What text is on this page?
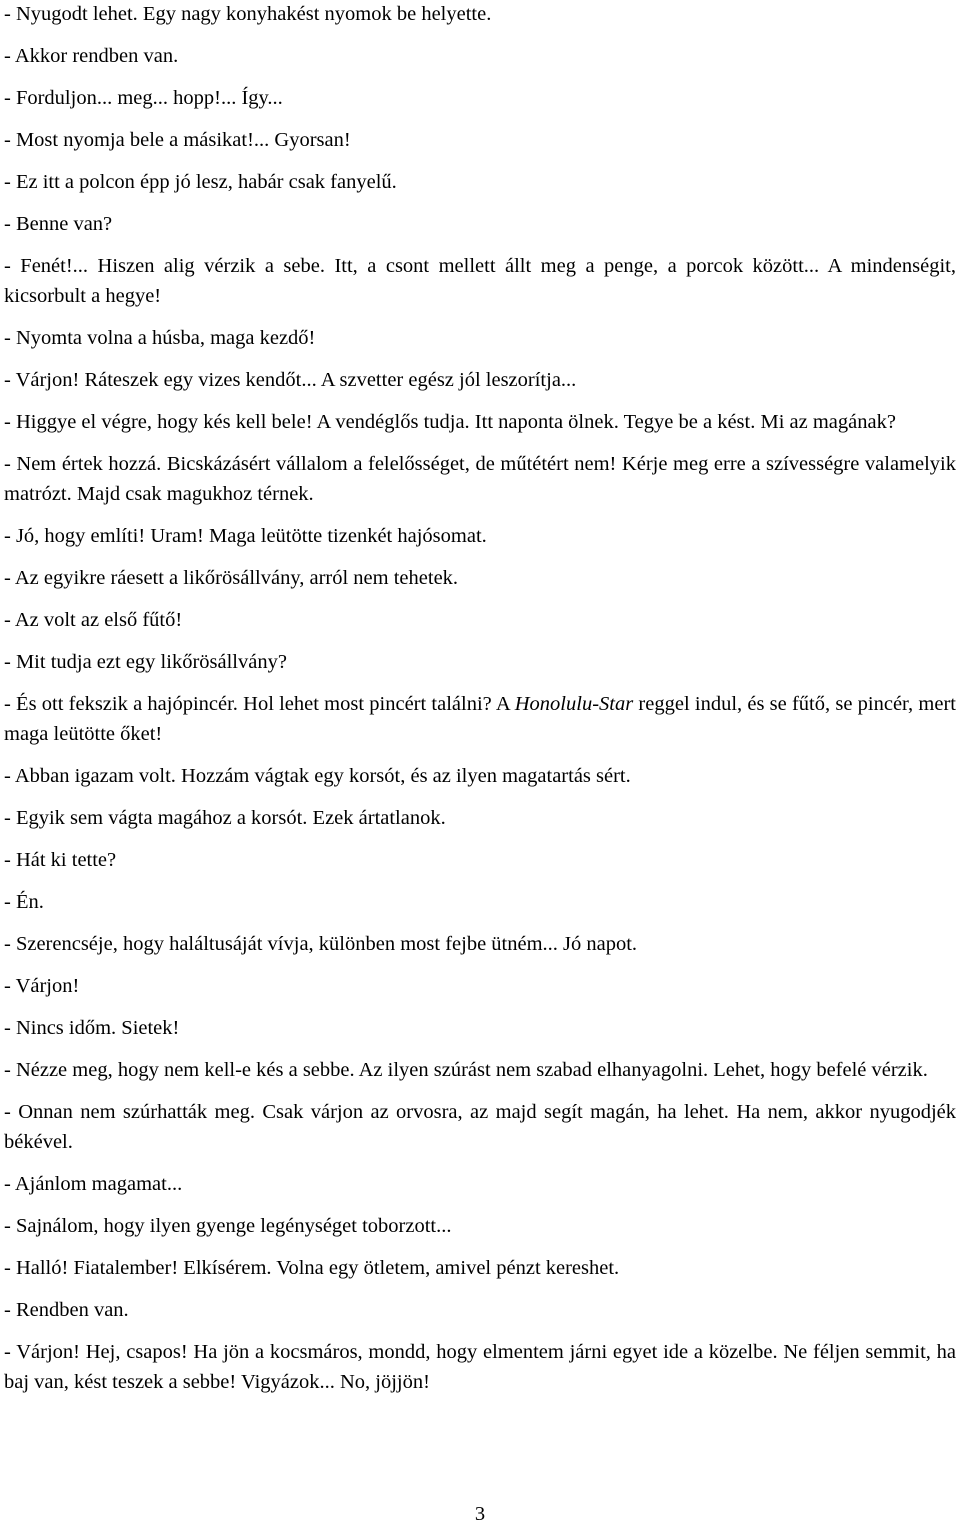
- Nyugodt lehet. Egy nagy konyhakést nyomok be helyette.

- Akkor rendben van.

- Forduljon... meg... hopp!... Így...

- Most nyomja bele a másikat!... Gyorsan!

- Ez itt a polcon épp jó lesz, habár csak fanyelű.

- Benne van?

- Fenét!... Hiszen alig vérzik a sebe. Itt, a csont mellett állt meg a penge, a porcok között... A mindenségit, kicsorbult a hegye!

- Nyomta volna a húsba, maga kezdő!

- Várjon! Ráteszek egy vizes kendőt... A szvetter egész jól leszorítja...

- Higgye el végre, hogy kés kell bele! A vendéglős tudja. Itt naponta ölnek. Tegye be a kést. Mi az magának?

- Nem értek hozzá. Bicskázásért vállalom a felelősséget, de műtétért nem! Kérje meg erre a szívességre valamelyik matrózt. Majd csak magukhoz térnek.

- Jó, hogy említi! Uram! Maga leütötte tizenkét hajósomat.

- Az egyikre ráesett a likőrösállvány, arról nem tehetek.

- Az volt az első fűtő!

- Mit tudja ezt egy likőrösállvány?

- És ott fekszik a hajópincér. Hol lehet most pincért találni? A Honolulu-Star reggel indul, és se fűtő, se pincér, mert maga leütötte őket!

- Abban igazam volt. Hozzám vágtak egy korsót, és az ilyen magatartás sért.

- Egyik sem vágta magához a korsót. Ezek ártatlanok.

- Hát ki tette?

- Én.

- Szerencséje, hogy haláltusáját vívja, különben most fejbe ütném... Jó napot.

- Várjon!

- Nincs időm. Sietek!

- Nézze meg, hogy nem kell-e kés a sebbe. Az ilyen szúrást nem szabad elhanyagolni. Lehet, hogy befelé vérzik.

- Onnan nem szúrhatták meg. Csak várjon az orvosra, az majd segít magán, ha lehet. Ha nem, akkor nyugodjék békével.

- Ajánlom magamat...

- Sajnálom, hogy ilyen gyenge legénységet toborzott...

- Halló! Fiatalember! Elkísérem. Volna egy ötletem, amivel pénzt kereshet.

- Rendben van.

- Várjon! Hej, csapos! Ha jön a kocsmáros, mondd, hogy elmentem járni egyet ide a közelbe. Ne féljen semmit, ha baj van, kést teszek a sebbe! Vigyázok... No, jöjjön!

3
